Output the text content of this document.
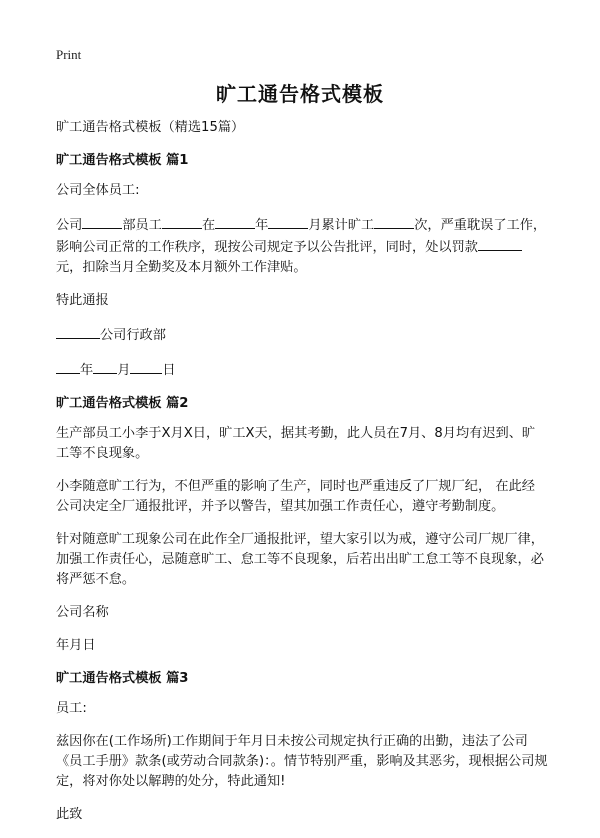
Print
旷工通告格式模板

旷工通告格式模板（精选15篇）

旷工通告格式模板 篇1

公司全体员工:

公司	部员工	在	年	月累计旷工	次，严重耽误了工作，影响公司正常的工作秩序，现按公司规定予以公告批评，同时，处以罚款元，扣除当月全勤奖及本月额外工作津贴。

特此通报

公司行政部

年 月 日

旷工通告格式模板 篇2

生产部员工小李于X月X日，旷工X天，据其考勤，此人员在7月、8月均有迟到、旷工等不良现象。

小李随意旷工行为，不但严重的影响了生产，同时也严重违反了厂规厂纪， 在此经公司决定全厂通报批评，并予以警告，望其加强工作责任心，遵守考勤制度。

针对随意旷工现象公司在此作全厂通报批评，望大家引以为戒，遵守公司厂规厂律，加强工作责任心，忌随意旷工、怠工等不良现象，后若出出旷工怠工等不良现象，必将严惩不怠。

公司名称

年月日

旷工通告格式模板 篇3

员工:

兹因你在(工作场所)工作期间于年月日未按公司规定执行正确的出勤，违法了公司《员工手册》款条(或劳动合同款条)：。情节特别严重，影响及其恶劣，现根据公司规定，将对你处以解聘的处分，特此通知!

此致
